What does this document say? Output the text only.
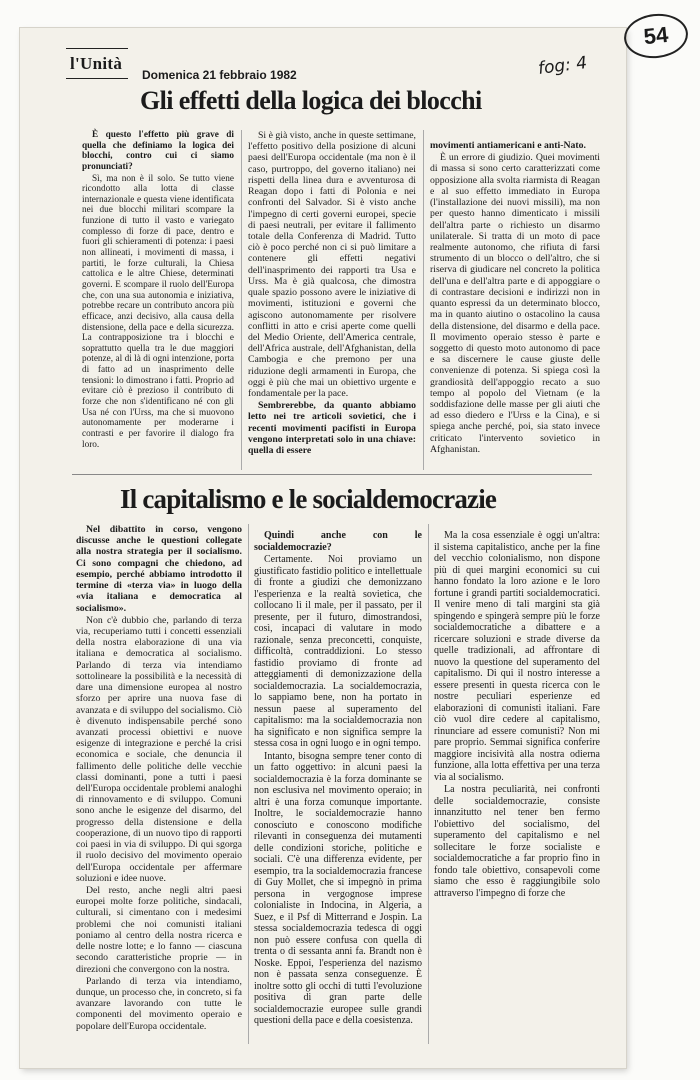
54
fog: 4
l'Unità
Domenica 21 febbraio 1982
Gli effetti della logica dei blocchi

È questo l'effetto più grave di quella che definiamo la logica dei blocchi, contro cui ci siamo pronunciati?

Sì, ma non è il solo. Se tutto viene ricondotto alla lotta di classe internazionale e questa viene identificata nei due blocchi militari scompare la funzione di tutto il vasto e variegato complesso di forze di pace, dentro e fuori gli schieramenti di potenza: i paesi non allineati, i movimenti di massa, i partiti, le forze culturali, la Chiesa cattolica e le altre Chiese, determinati governi. E scompare il ruolo dell'Europa che, con una sua autonomia e iniziativa, potrebbe recare un contributo ancora più efficace, anzi decisivo, alla causa della distensione, della pace e della sicurezza. La contrapposizione tra i blocchi e soprattutto quella tra le due maggiori potenze, al di là di ogni intenzione, porta di fatto ad un inasprimento delle tensioni: lo dimostrano i fatti. Proprio ad evitare ciò è prezioso il contributo di forze che non s'identificano né con gli Usa né con l'Urss, ma che si muovono autonomamente per moderarne i contrasti e per favorire il dialogo fra loro.

Si è già visto, anche in queste settimane, l'effetto positivo della posizione di alcuni paesi dell'Europa occidentale (ma non è il caso, purtroppo, del governo italiano) nei rispetti della linea dura e avventurosa di Reagan dopo i fatti di Polonia e nei confronti del Salvador. Si è visto anche l'impegno di certi governi europei, specie di paesi neutrali, per evitare il fallimento totale della Conferenza di Madrid. Tutto ciò è poco perché non ci si può limitare a contenere gli effetti negativi dell'inasprimento dei rapporti tra Usa e Urss. Ma è già qualcosa, che dimostra quale spazio possono avere le iniziative di movimenti, istituzioni e governi che agiscono autonomamente per risolvere conflitti in atto e crisi aperte come quelli del Medio Oriente, dell'America centrale, dell'Africa australe, dell'Afghanistan, della Cambogia e che premono per una riduzione degli armamenti in Europa, che oggi è più che mai un obiettivo urgente e fondamentale per la pace.

Sembrerebbe, da quanto abbiamo letto nei tre articoli sovietici, che i recenti movimenti pacifisti in Europa vengono interpretati solo in una chiave: quella di essere

movimenti antiamericani e anti-Nato.

È un errore di giudizio. Quei movimenti di massa si sono certo caratterizzati come opposizione alla svolta riarmista di Reagan e al suo effetto immediato in Europa (l'installazione dei nuovi missili), ma non per questo hanno dimenticato i missili dell'altra parte o richiesto un disarmo unilaterale. Si tratta di un moto di pace realmente autonomo, che rifiuta di farsi strumento di un blocco o dell'altro, che si riserva di giudicare nel concreto la politica dell'una e dell'altra parte e di appoggiare o di contrastare decisioni e indirizzi non in quanto espressi da un determinato blocco, ma in quanto aiutino o ostacolino la causa della distensione, del disarmo e della pace. Il movimento operaio stesso è parte e soggetto di questo moto autonomo di pace e sa discernere le cause giuste delle convenienze di potenza. Si spiega così la grandiosità dell'appoggio recato a suo tempo al popolo del Vietnam (e la soddisfazione delle masse per gli aiuti che ad esso diedero e l'Urss e la Cina), e si spiega anche perché, poi, sia stato invece criticato l'intervento sovietico in Afghanistan.

Il capitalismo e le socialdemocrazie

Nel dibattito in corso, vengono discusse anche le questioni collegate alla nostra strategia per il socialismo. Ci sono compagni che chiedono, ad esempio, perché abbiamo introdotto il termine di «terza via» in luogo della «via italiana e democratica al socialismo».

Non c'è dubbio che, parlando di terza via, recuperiamo tutti i concetti essenziali della nostra elaborazione di una via italiana e democratica al socialismo. Parlando di terza via intendiamo sottolineare la possibilità e la necessità di dare una dimensione europea al nostro sforzo per aprire una nuova fase di avanzata e di sviluppo del socialismo. Ciò è divenuto indispensabile perché sono avanzati processi obiettivi e nuove esigenze di integrazione e perché la crisi economica e sociale, che denuncia il fallimento delle politiche delle vecchie classi dominanti, pone a tutti i paesi dell'Europa occidentale problemi analoghi di rinnovamento e di sviluppo. Comuni sono anche le esigenze del disarmo, del progresso della distensione e della cooperazione, di un nuovo tipo di rapporti coi paesi in via di sviluppo. Di qui sgorga il ruolo decisivo del movimento operaio dell'Europa occidentale per affermare soluzioni e idee nuove.

Del resto, anche negli altri paesi europei molte forze politiche, sindacali, culturali, si cimentano con i medesimi problemi che noi comunisti italiani poniamo al centro della nostra ricerca e delle nostre lotte; e lo fanno — ciascuna secondo caratteristiche proprie — in direzioni che convergono con la nostra.

Parlando di terza via intendiamo, dunque, un processo che, in concreto, si fa avanzare lavorando con tutte le componenti del movimento operaio e popolare dell'Europa occidentale.

Quindi anche con le socialdemocrazie?

Certamente. Noi proviamo un giustificato fastidio politico e intellettuale di fronte a giudizi che demonizzano l'esperienza e la realtà sovietica, che collocano lì il male, per il passato, per il presente, per il futuro, dimostrandosi, così, incapaci di valutare in modo razionale, senza preconcetti, conquiste, difficoltà, contraddizioni. Lo stesso fastidio proviamo di fronte ad atteggiamenti di demonizzazione della socialdemocrazia. La socialdemocrazia, lo sappiamo bene, non ha portato in nessun paese al superamento del capitalismo: ma la socialdemocrazia non ha significato e non significa sempre la stessa cosa in ogni luogo e in ogni tempo.

Intanto, bisogna sempre tener conto di un fatto oggettivo: in alcuni paesi la socialdemocrazia è la forza dominante se non esclusiva nel movimento operaio; in altri è una forza comunque importante. Inoltre, le socialdemocrazie hanno conosciuto e conoscono modifiche rilevanti in conseguenza dei mutamenti delle condizioni storiche, politiche e sociali. C'è una differenza evidente, per esempio, tra la socialdemocrazia francese di Guy Mollet, che si impegnò in prima persona in vergognose imprese colonialiste in Indocina, in Algeria, a Suez, e il Psf di Mitterrand e Jospin. La stessa socialdemocrazia tedesca di oggi non può essere confusa con quella di trenta o di sessanta anni fa. Brandt non è Noske. Eppoi, l'esperienza del nazismo non è passata senza conseguenze. È inoltre sotto gli occhi di tutti l'evoluzione positiva di gran parte delle socialdemocrazie europee sulle grandi questioni della pace e della coesistenza.

Ma la cosa essenziale è oggi un'altra: il sistema capitalistico, anche per la fine del vecchio colonialismo, non dispone più di quei margini economici su cui hanno fondato la loro azione e le loro fortune i grandi partiti socialdemocratici. Il venire meno di tali margini sta già spingendo e spingerà sempre più le forze socialdemocratiche a dibattere e a ricercare soluzioni e strade diverse da quelle tradizionali, ad affrontare di nuovo la questione del superamento del capitalismo. Di qui il nostro interesse a essere presenti in questa ricerca con le nostre peculiari esperienze ed elaborazioni di comunisti italiani. Fare ciò vuol dire cedere al capitalismo, rinunciare ad essere comunisti? Non mi pare proprio. Semmai significa conferire maggiore incisività alla nostra odierna funzione, alla lotta effettiva per una terza via al socialismo.

La nostra peculiarità, nei confronti delle socialdemocrazie, consiste innanzitutto nel tener ben fermo l'obiettivo del socialismo, del superamento del capitalismo e nel sollecitare le forze socialiste e socialdemocratiche a far proprio fino in fondo tale obiettivo, consapevoli come siamo che esso è raggiungibile solo attraverso l'impegno di forze che
